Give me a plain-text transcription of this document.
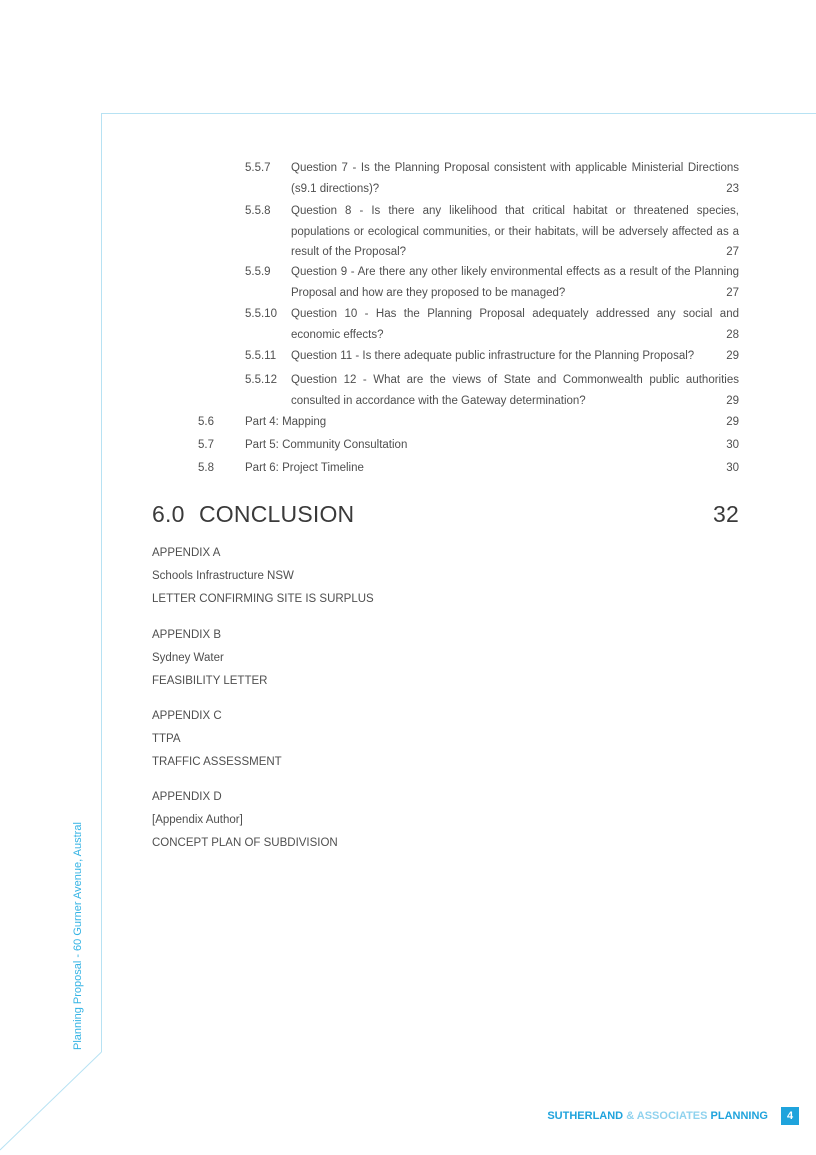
5.5.7 Question 7 - Is the Planning Proposal consistent with applicable Ministerial Directions (s9.1 directions)?	23
5.5.8 Question 8 - Is there any likelihood that critical habitat or threatened species, populations or ecological communities, or their habitats, will be adversely affected as a result of the Proposal?	27
5.5.9 Question 9 - Are there any other likely environmental effects as a result of the Planning Proposal and how are they proposed to be managed?	27
5.5.10 Question 10 - Has the Planning Proposal adequately addressed any social and economic effects?	28
5.5.11 Question 11 - Is there adequate public infrastructure for the Planning Proposal?	29
5.5.12 Question 12 - What are the views of State and Commonwealth public authorities consulted in accordance with the Gateway determination?	29
5.6	Part 4: Mapping	29
5.7	Part 5: Community Consultation	30
5.8	Part 6: Project Timeline	30
6.0 CONCLUSION	32
APPENDIX A
Schools Infrastructure NSW
LETTER CONFIRMING SITE IS SURPLUS
APPENDIX B
Sydney Water
FEASIBILITY LETTER
APPENDIX C
TTPA
TRAFFIC ASSESSMENT
APPENDIX D
[Appendix Author]
CONCEPT PLAN OF SUBDIVISION
Planning Proposal - 60 Gurner Avenue, Austral
SUTHERLAND & ASSOCIATES PLANNING	4
